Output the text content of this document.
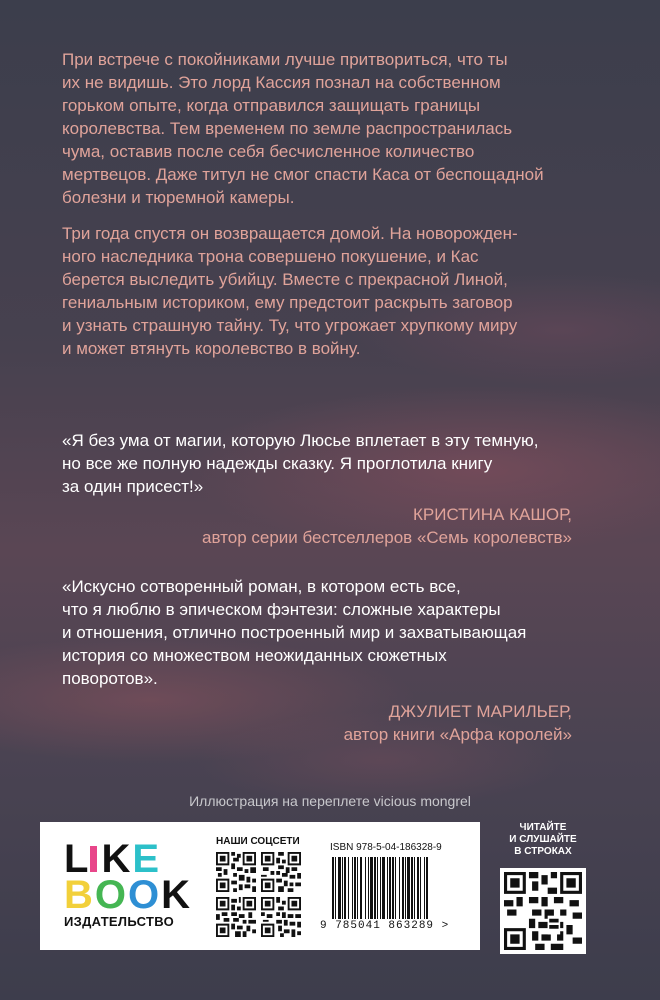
При встрече с покойниками лучше притвориться, что ты
их не видишь. Это лорд Кассия познал на собственном
горьком опыте, когда отправился защищать границы
королевства. Тем временем по земле распространилась
чума, оставив после себя бесчисленное количество
мертвецов. Даже титул не смог спасти Каса от беспощадной
болезни и тюремной камеры.

Три года спустя он возвращается домой. На новорожден-
ного наследника трона совершено покушение, и Кас
берется выследить убийцу. Вместе с прекрасной Линой,
гениальным историком, ему предстоит раскрыть заговор
и узнать страшную тайну. Ту, что угрожает хрупкому миру
и может втянуть королевство в войну.

«Я без ума от магии, которую Люсье вплетает в эту темную,
но все же полную надежды сказку. Я проглотила книгу
за один присест!»
КРИСТИНА КАШОР,
автор серии бестселлеров «Семь королевств»
«Искусно сотворенный роман, в котором есть все,
что я люблю в эпическом фэнтези: сложные характеры
и отношения, отлично построенный мир и захватывающая
история со множеством неожиданных сюжетных
поворотов».
ДЖУЛИЕТ МАРИЛЬЕР,
автор книги «Арфа королей»
Иллюстрация на переплете vicious mongrel
L K E
B O O K
ИЗДАТЕЛЬСТВО
НАШИ СОЦСЕТИ
ISBN 978-5-04-186328-9
9 785041 863289 >
ЧИТАЙТЕ
И СЛУШАЙТЕ
В СТРОКАХ
